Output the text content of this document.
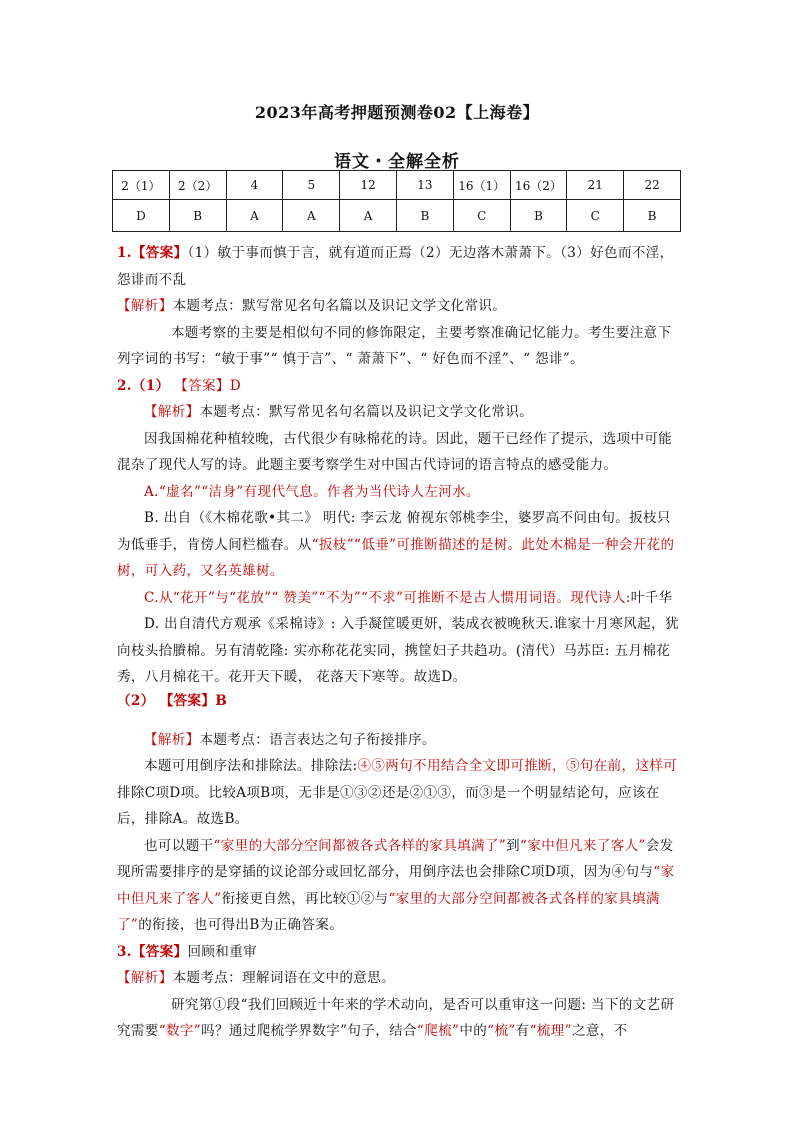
2023年高考押题预测卷02【上海卷】
语文・全解全析
2（1）	2（2）	4	5	12	13	16（1）	16（2）	21	22
D	B	A	A	A	B	C	B	C	B

1.【答案】（1）敏于事而慎于言，就有道而正焉（2）无边落木萧萧下。（3）好色而不淫，怨诽而不乱

【解析】本题考点：默写常见名句名篇以及识记文学文化常识。

本题考察的主要是相似句不同的修饰限定，主要考察准确记忆能力。考生要注意下列字词的书写：“敏于事”“ 慎于言”、“ 萧萧下”、“ 好色而不淫”、“ 怨诽”。

2.（1） 【答案】D

【解析】本题考点：默写常见名句名篇以及识记文学文化常识。

因我国棉花种植较晚，古代很少有咏棉花的诗。因此，题干已经作了提示，选项中可能混杂了现代人写的诗。此题主要考察学生对中国古代诗词的语言特点的感受能力。

A.“虚名”“洁身”有现代气息。作者为当代诗人左河水。

B. 出自（《木棉花歌•其二》 明代: 李云龙 俯视东邻桃李尘，婆罗高不问由旬。扳枝只为低垂手，肯傍人间栏槛春。从“扳枝”“低垂”可推断描述的是树。此处木棉是一种会开花的树，可入药，又名英雄树。

C.从“花开”与“花放”“ 赞美”“不为”“不求”可推断不是古人惯用词语。现代诗人:叶千华

D. 出自清代方观承《采棉诗》: 入手凝筐暖更妍，装成衣被晚秋天.谁家十月寒风起，犹向枝头拾賸棉。另有清乾隆: 实亦称花花实同，携筐妇子共趋功。(清代）马苏臣: 五月棉花秀，八月棉花干。花开天下暖， 花落天下寒等。故选D。

（2） 【答案】B

【解析】本题考点：语言表达之句子衔接排序。

本题可用倒序法和排除法。排除法:④⑤两句不用结合全文即可推断，⑤句在前，这样可排除C项D项。比较A项B项，无非是①③②还是②①③，而③是一个明显结论句，应该在后，排除A。故选B。

也可以题干“家里的大部分空间都被各式各样的家具填满了”到“家中但凡来了客人”会发现所需要排序的是穿插的议论部分或回忆部分，用倒序法也会排除C项D项，因为④句与“家中但凡来了客人”衔接更自然，再比较①②与“家里的大部分空间都被各式各样的家具填满了”的衔接，也可得出B为正确答案。

3.【答案】回顾和重审

【解析】本题考点：理解词语在文中的意思。

研究第①段“我们回顾近十年来的学术动向，是否可以重审这一问题: 当下的文艺研究需要“数字”吗？通过爬梳学界数字”句子，结合“爬梳”中的“梳”有“梳理”之意，不
